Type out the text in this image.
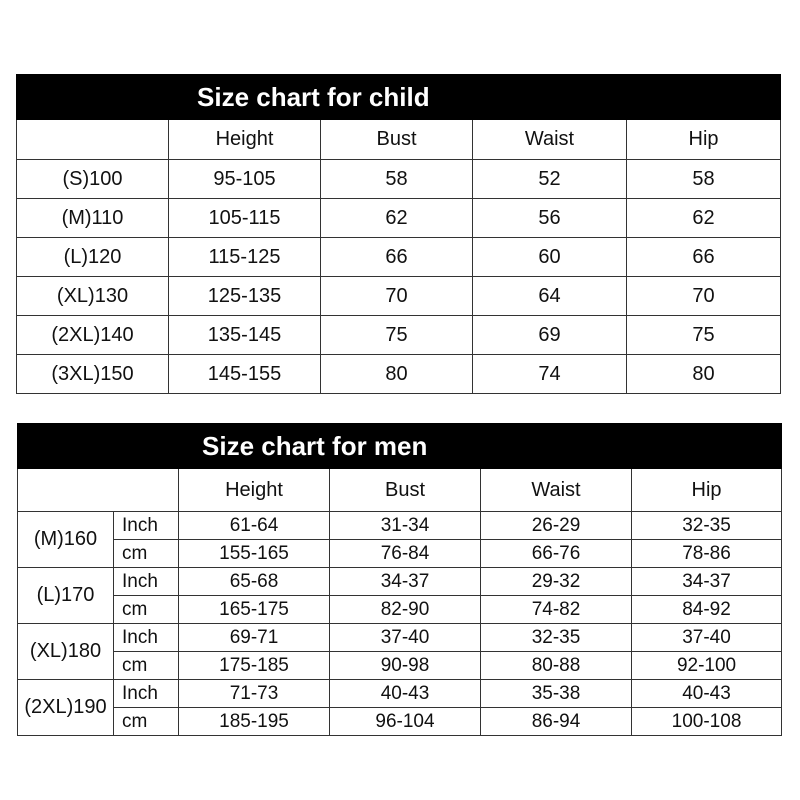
Size chart for child				
	Height	Bust	Waist	Hip
(S)100	95-105	58	52	58
(M)110	105-115	62	56	62
(L)120	115-125	66	60	66
(XL)130	125-135	70	64	70
(2XL)140	135-145	75	69	75
(3XL)150	145-155	80	74	80
Size chart for men					
		Height	Bust	Waist	Hip
(M)160	Inch	61-64	31-34	26-29	32-35
	cm	155-165	76-84	66-76	78-86
(L)170	Inch	65-68	34-37	29-32	34-37
	cm	165-175	82-90	74-82	84-92
(XL)180	Inch	69-71	37-40	32-35	37-40
	cm	175-185	90-98	80-88	92-100
(2XL)190	Inch	71-73	40-43	35-38	40-43
	cm	185-195	96-104	86-94	100-108
